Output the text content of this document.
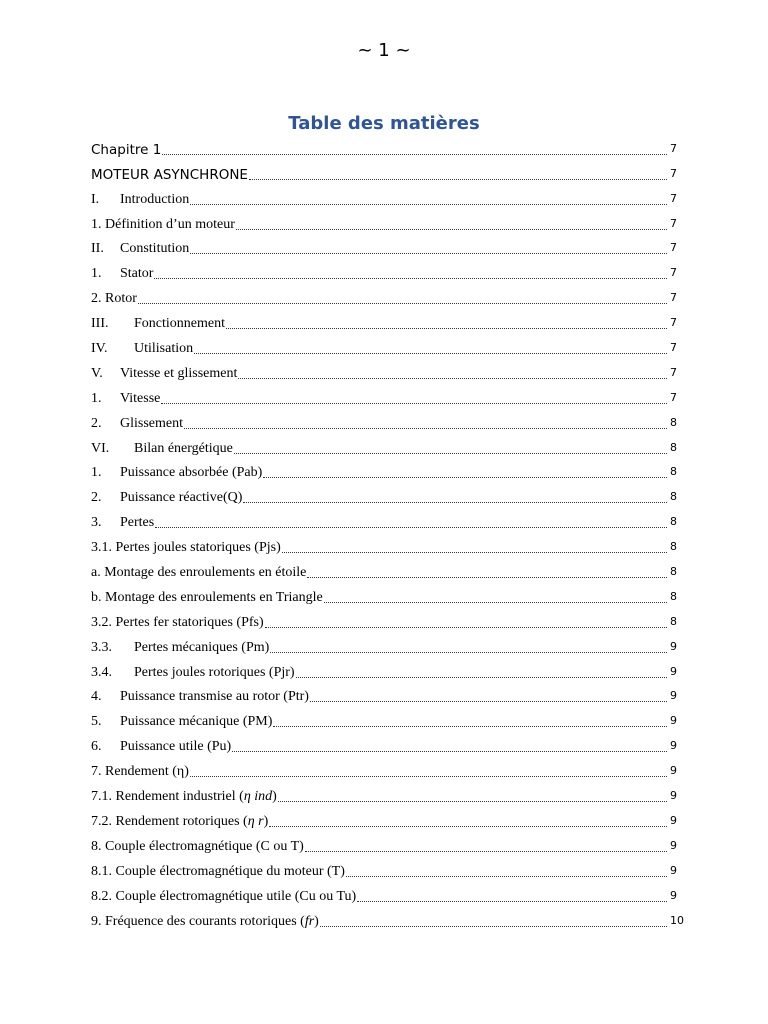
~ 1 ~
Table des matières
Chapitre 1	7
MOTEUR ASYNCHRONE	7
I.	Introduction	7
1. Définition d’un moteur	7
II.	Constitution	7
1.	Stator	7
2. Rotor	7
III.	Fonctionnement	7
IV.	Utilisation	7
V.	Vitesse et glissement	7
1.	Vitesse	7
2.	Glissement	8
VI.	Bilan énergétique	8
1.	Puissance absorbée (Pab)	8
2.	Puissance réactive(Q)	8
3.	Pertes	8
3.1. Pertes joules statoriques (Pjs)	8
a. Montage des enroulements en étoile	8
b. Montage des enroulements en Triangle	8
3.2. Pertes fer statoriques (Pfs)	8
3.3.	Pertes mécaniques (Pm)	9
3.4.	Pertes joules rotoriques (Pjr)	9
4.	Puissance transmise au rotor (Ptr)	9
5.	Puissance mécanique (PM)	9
6.	Puissance utile (Pu)	9
7. Rendement (η)	9
7.1. Rendement industriel ( η ind )	9
7.2. Rendement rotoriques ( η r )	9
8. Couple électromagnétique (C ou T)	9
8.1. Couple électromagnétique du moteur (T)	9
8.2. Couple électromagnétique utile (Cu ou Tu)	9
9. Fréquence des courants rotoriques ( fr )	10
